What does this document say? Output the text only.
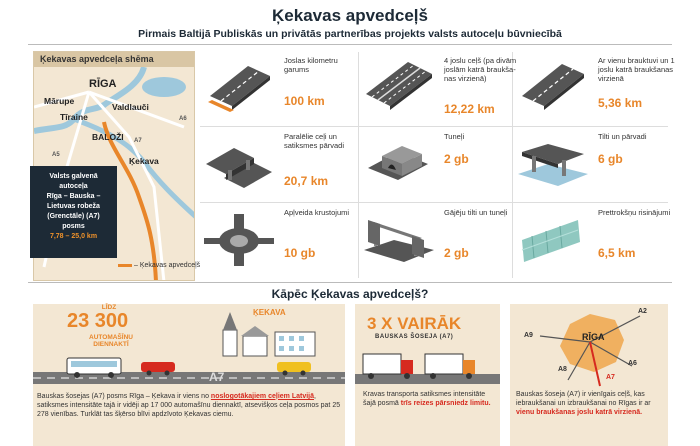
Ķekavas apvedceļš
Pirmais Baltijā Publiskās un privātās partnerības projekts valsts autoceļu būvniecībā
Ķekavas apvedceļa shēma
RĪGA
Mārupe
Valdlauči
Tīraine
BALOŽI
Ķekava
A7
A5
A6
Valsts galvenā
autoceļa
Rīga – Bauska –
Lietuvas robeža
(Grenctāle) (A7)
posms
7,78 – 25,0 km
– Ķekavas apvedceļš
Joslas kilometru garums
100 km
4 joslu ceļš (pa divām joslām katrā braukša- nas virzienā)
12,22 km
Ar vienu brauktuvi un 1 joslu katrā braukšanas virzienā
5,36 km
Paralēlie ceļi un satiksmes pārvadi
20,7 km
Tuneļi
2 gb
Tilti un pārvadi
6 gb
Apļveida krustojumi
10 gb
Gājēju tilti un tuneļi
2 gb
Prettrokšņu risinājumi
6,5 km
Kāpēc Ķekavas apvedceļš?
LĪDZ
23 300
AUTOMAŠĪNU
DIENNAKTĪ
ĶEKAVA
A7
Bauskas šosejas (A7) posms Rīga – Ķekava ir viens no noslogotākajiem ceļiem Latvijā, satiksmes intensitāte tajā ir vidēji ap 17 000 automašīnu diennaktī, atsevišķos ceļa posmos pat 25 278 vienības. Turklāt tas šķērso blīvi apdzīvoto Ķekavas ciemu.
3 X VAIRĀK
BAUSKAS ŠOSEJA (A7)
Kravas transporta satiksmes intensitāte šajā posmā trīs reizes pārsniedz limitu.
RĪGA
A2
A9
A6
A8
A7
Bauskas šoseja (A7) ir vienīgais ceļš, kas iebraukšanai un izbraukšanai no Rīgas ir ar vienu braukšanas joslu katrā virzienā.
